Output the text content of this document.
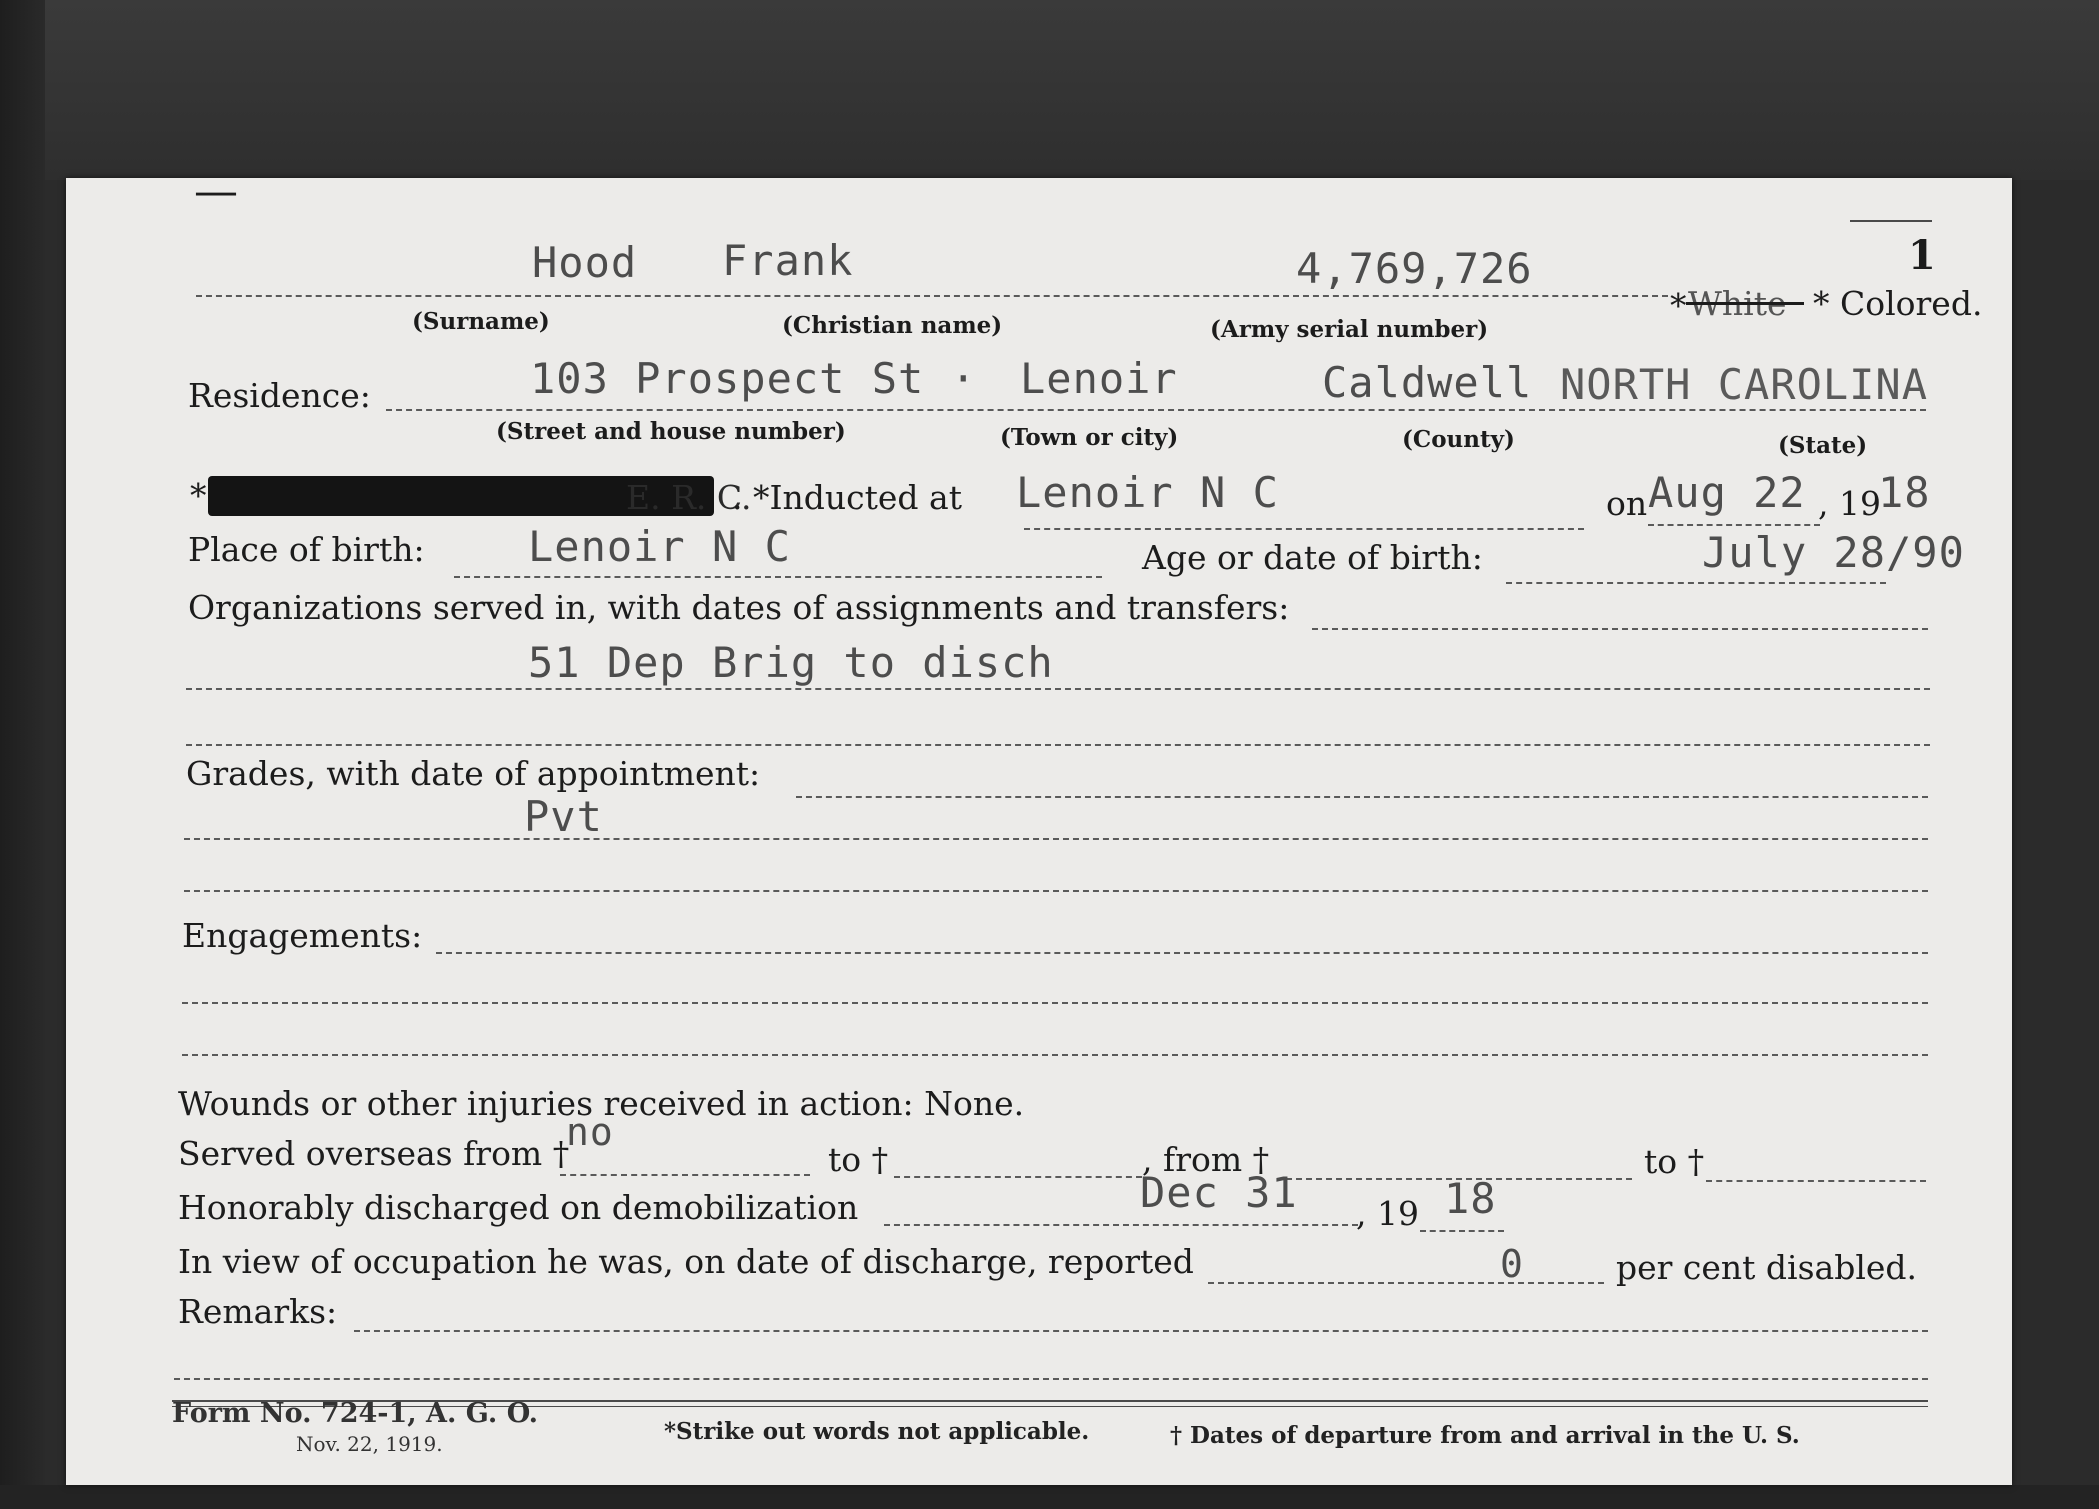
—
1
Hood Frank	4,769,726
* White * Colored.
(Surname)	(Christian name)	(Army serial number)
Residence:	103 Prospect St · Lenoir	Caldwell NORTH CAROLINA
(Street and house number)	(Town or city)	(County)	(State)
*	E. R. C.
. *Inducted at Lenoir N C	on Aug 22 , 19
18
Place of birth: Lenoir N C	Age or date of birth:	July 28/90
Organizations served in, with dates of assignments and transfers:
51 Dep Brig to disch
Grades, with date of appointment:
Pvt
Engagements:
Wounds or other injuries received in action: None.
Served overseas from †
no
to †	, from †	to †
Honorably discharged on demobilization	Dec 31 , 19 18
In view of occupation he was, on date of discharge, reported	0	per cent disabled.
Remarks:
Form No. 724-1, A. G. O.
Nov. 22, 1919.	*Strike out words not applicable.	† Dates of departure from and arrival in the U. S.
